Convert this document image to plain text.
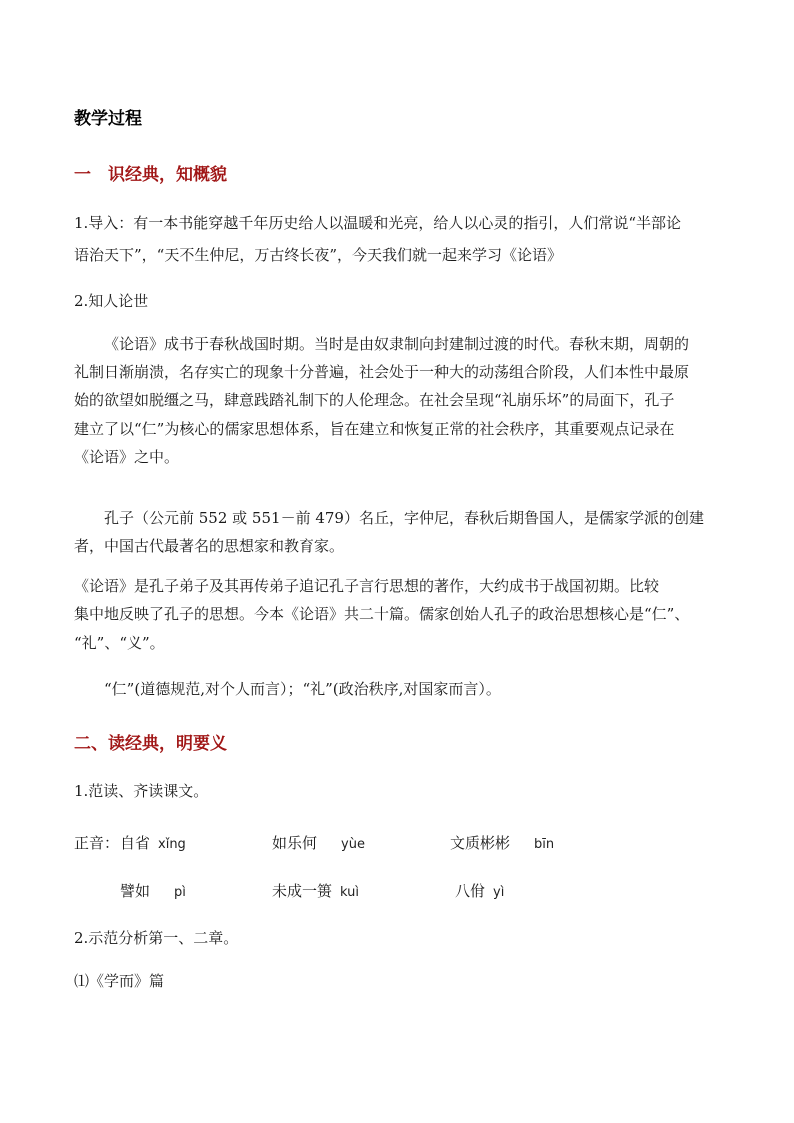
教学过程
一　识经典，知概貌
1.导入：有一本书能穿越千年历史给人以温暖和光亮，给人以心灵的指引，人们常说“半部论
语治天下”，“天不生仲尼，万古终长夜”，今天我们就一起来学习《论语》
2.知人论世
《论语》成书于春秋战国时期。当时是由奴隶制向封建制过渡的时代。春秋末期，周朝的
礼制日渐崩溃，名存实亡的现象十分普遍，社会处于一种大的动荡组合阶段，人们本性中最原
始的欲望如脱缰之马，肆意践踏礼制下的人伦理念。在社会呈现“礼崩乐坏”的局面下，孔子
建立了以“仁”为核心的儒家思想体系，旨在建立和恢复正常的社会秩序，其重要观点记录在
《论语》之中。
孔子（公元前 552 或 551－前 479）名丘，字仲尼，春秋后期鲁国人，是儒家学派的创建
者，中国古代最著名的思想家和教育家。
《论语》是孔子弟子及其再传弟子追记孔子言行思想的著作，大约成书于战国初期。比较
集中地反映了孔子的思想。今本《论语》共二十篇。儒家创始人孔子的政治思想核心是“仁”、
“礼”、“义”。
“仁”(道德规范,对个人而言）；“礼”(政治秩序,对国家而言）。
二、读经典，明要义
1.范读、齐读课文。
正音： 自省 xǐng	如乐何 yùe	文质彬彬 bīn
譬如 pì	未成一篑 kuì	八佾 yì
2.示范分析第一、二章。
⑴《学而》篇
